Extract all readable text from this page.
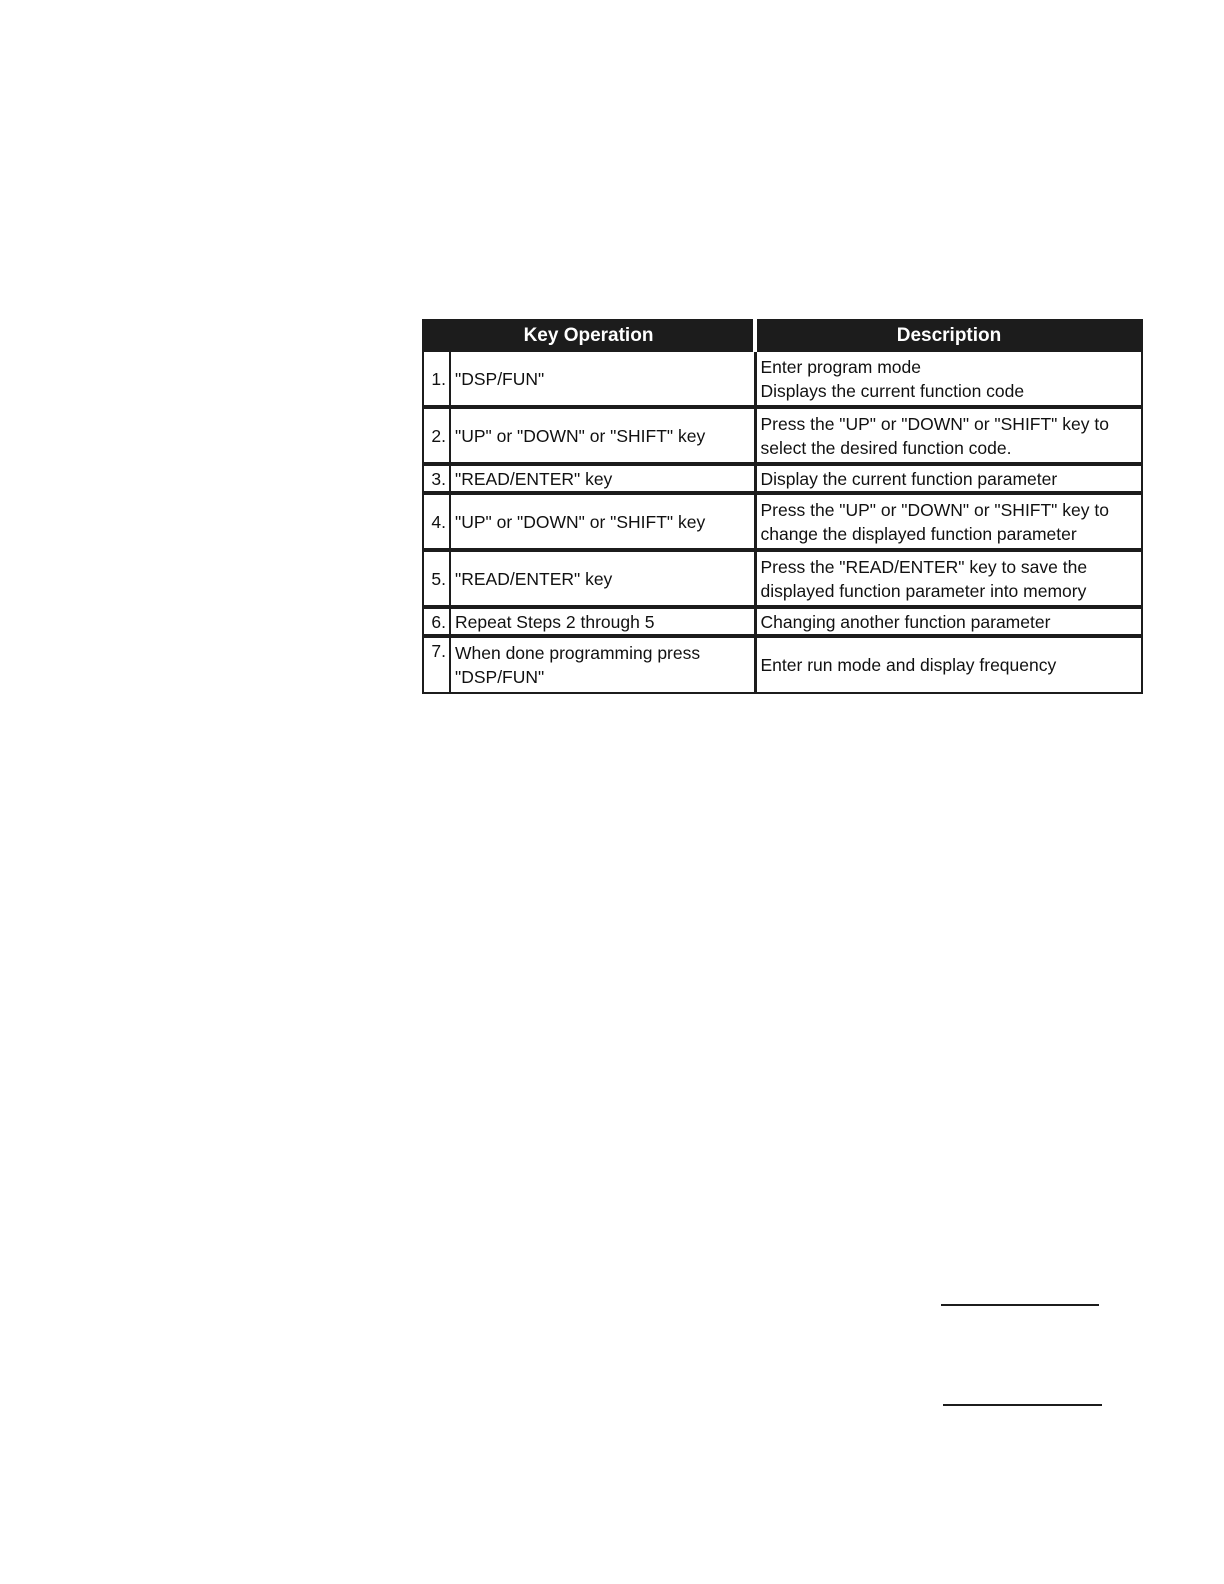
Key Operation		Description
1.	"DSP/FUN"	Enter program mode
Displays the current function code

2.	"UP" or "DOWN" or "SHIFT" key	Press the "UP" or "DOWN" or "SHIFT" key to
select the desired function code.

3.	"READ/ENTER" key	Display the current function parameter

4.	"UP" or "DOWN" or "SHIFT" key	Press the "UP" or "DOWN" or "SHIFT" key to
change the displayed function parameter

5.	"READ/ENTER" key	Press the "READ/ENTER" key to save the
displayed function parameter into memory

6.	Repeat Steps 2 through 5	Changing another function parameter

7.	When done programming press
"DSP/FUN"	Enter run mode and display frequency
